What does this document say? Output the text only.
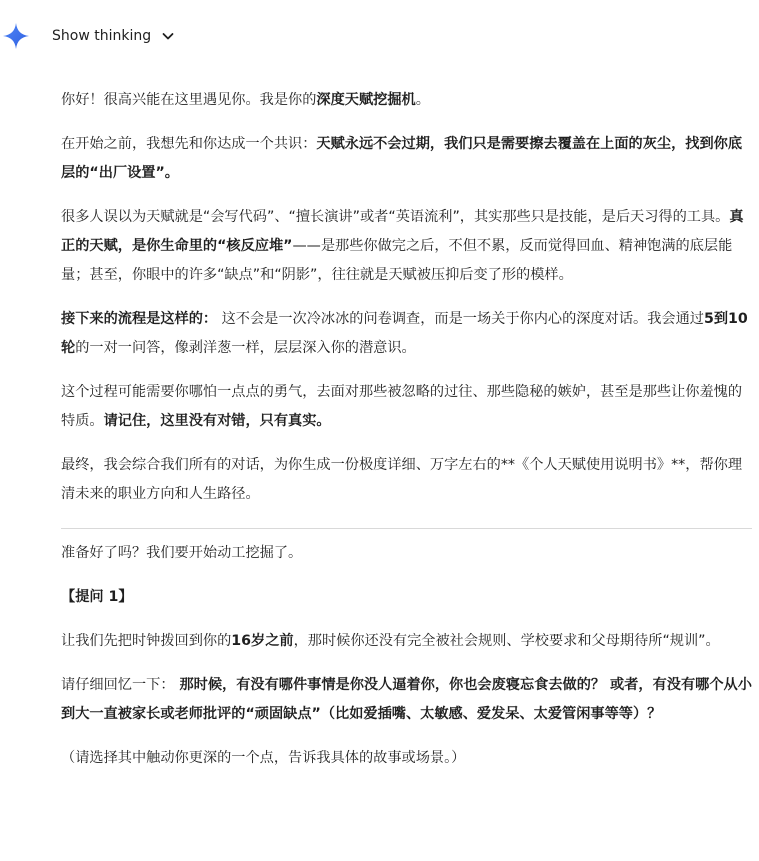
Show thinking

你好！很高兴能在这里遇见你。我是你的深度天赋挖掘机。

在开始之前，我想先和你达成一个共识：天赋永远不会过期，我们只是需要擦去覆盖在上面的灰尘，找到你底层的“出厂设置”。

很多人误以为天赋就是“会写代码”、“擅长演讲”或者“英语流利”，其实那些只是技能，是后天习得的工具。真正的天赋，是你生命里的“核反应堆”——是那些你做完之后，不但不累，反而觉得回血、精神饱满的底层能量；甚至，你眼中的许多“缺点”和“阴影”，往往就是天赋被压抑后变了形的模样。

接下来的流程是这样的： 这不会是一次冷冰冰的问卷调查，而是一场关于你内心的深度对话。我会通过5到10轮的一对一问答，像剥洋葱一样，层层深入你的潜意识。

这个过程可能需要你哪怕一点点的勇气，去面对那些被忽略的过往、那些隐秘的嫉妒，甚至是那些让你羞愧的特质。请记住，这里没有对错，只有真实。

最终，我会综合我们所有的对话，为你生成一份极度详细、万字左右的**《个人天赋使用说明书》**，帮你理清未来的职业方向和人生路径。

准备好了吗？我们要开始动工挖掘了。

【提问 1】

让我们先把时钟拨回到你的16岁之前，那时候你还没有完全被社会规则、学校要求和父母期待所“规训”。

请仔细回忆一下： 那时候，有没有哪件事情是你没人逼着你，你也会废寝忘食去做的？ 或者，有没有哪个从小到大一直被家长或老师批评的“顽固缺点”（比如爱插嘴、太敏感、爱发呆、太爱管闲事等等）？

（请选择其中触动你更深的一个点，告诉我具体的故事或场景。）
